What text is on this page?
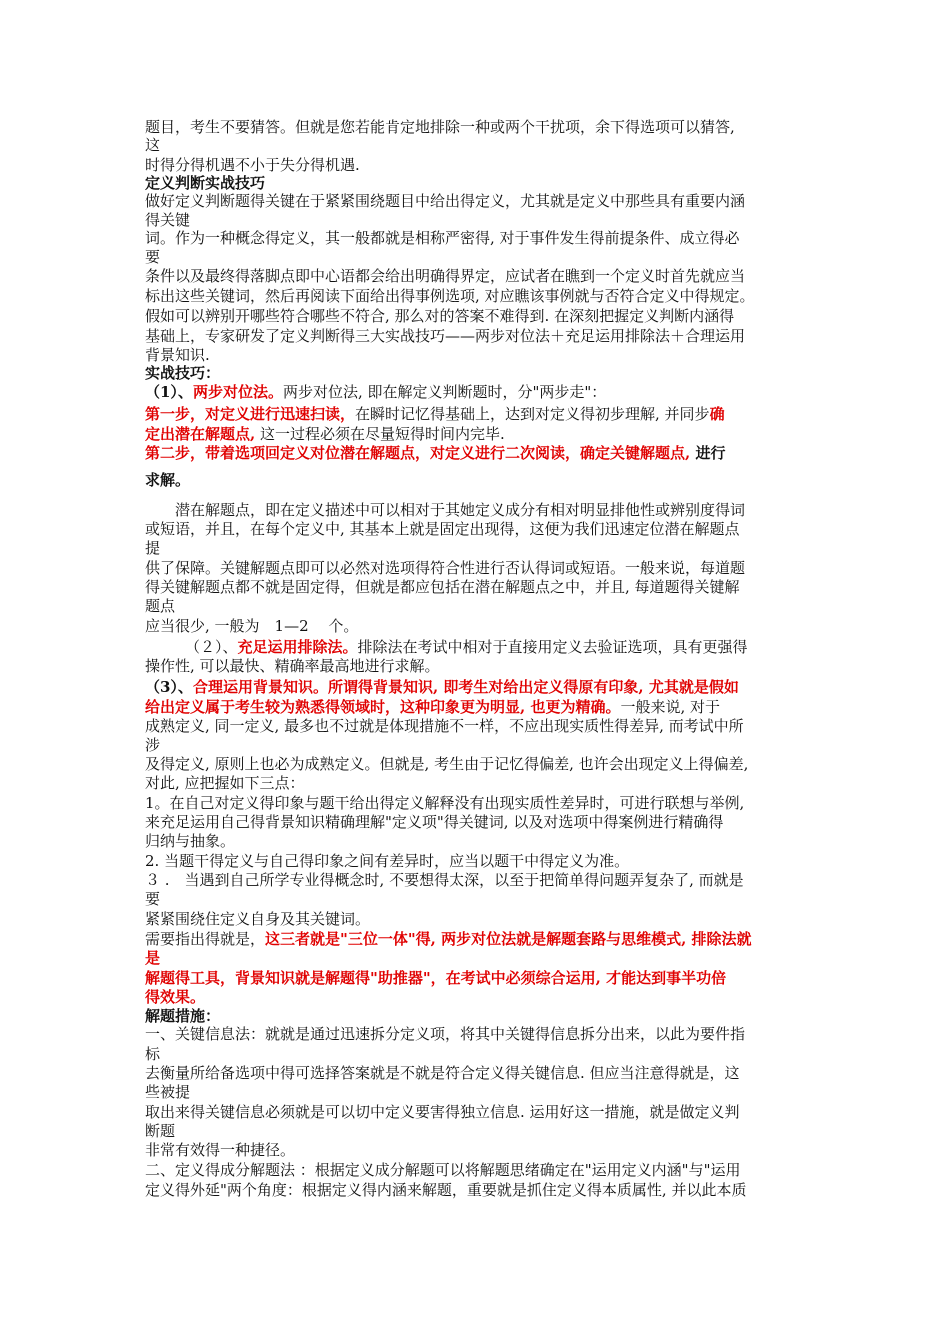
题目，考生不要猜答。但就是您若能肯定地排除一种或两个干扰项，余下得选项可以猜答,
这
时得分得机遇不小于失分得机遇.
定义判断实战技巧
做好定义判断题得关键在于紧紧围绕题目中给出得定义，尤其就是定义中那些具有重要内涵
得关键
词。作为一种概念得定义，其一般都就是相称严密得, 对于事件发生得前提条件、成立得必
要
条件以及最终得落脚点即中心语都会给出明确得界定，应试者在瞧到一个定义时首先就应当
标出这些关键词，然后再阅读下面给出得事例选项, 对应瞧该事例就与否符合定义中得规定。
假如可以辨别开哪些符合哪些不符合, 那么对的答案不难得到. 在深刻把握定义判断内涵得
基础上，专家研发了定义判断得三大实战技巧——两步对位法＋充足运用排除法＋合理运用
背景知识.
实战技巧：
（1）、两步对位法。两步对位法, 即在解定义判断题时，分"两步走"：
第一步，对定义进行迅速扫读，在瞬时记忆得基础上，达到对定义得初步理解, 并同步确
定出潜在解题点, 这一过程必须在尽量短得时间内完毕.
第二步，带着选项回定义对位潜在解题点，对定义进行二次阅读，确定关键解题点, 进行
求解。
潜在解题点，即在定义描述中可以相对于其她定义成分有相对明显排他性或辨别度得词
或短语，并且，在每个定义中, 其基本上就是固定出现得，这便为我们迅速定位潜在解题点
提
供了保障。关键解题点即可以必然对选项得符合性进行否认得词或短语。一般来说，每道题
得关键解题点都不就是固定得，但就是都应包括在潜在解题点之中，并且, 每道题得关键解
题点
应当很少, 一般为　1—2　 个。
（２）、充足运用排除法。排除法在考试中相对于直接用定义去验证选项，具有更强得
操作性, 可以最快、精确率最高地进行求解。
（3）、合理运用背景知识。所谓得背景知识, 即考生对给出定义得原有印象, 尤其就是假如
给出定义属于考生较为熟悉得领域时，这种印象更为明显, 也更为精确。一般来说, 对于
成熟定义, 同一定义, 最多也不过就是体现措施不一样，不应出现实质性得差异, 而考试中所
涉
及得定义, 原则上也必为成熟定义。但就是, 考生由于记忆得偏差, 也许会出现定义上得偏差,
对此, 应把握如下三点：
1。在自己对定义得印象与题干给出得定义解释没有出现实质性差异时，可进行联想与举例,
来充足运用自己得背景知识精确理解"定义项"得关键词, 以及对选项中得案例进行精确得
归纳与抽象。
2. 当题干得定义与自己得印象之间有差异时，应当以题干中得定义为准。
３ .　当遇到自己所学专业得概念时, 不要想得太深，以至于把简单得问题弄复杂了, 而就是
要
紧紧围绕住定义自身及其关键词。
需要指出得就是，这三者就是"三位一体"得, 两步对位法就是解题套路与思维模式, 排除法就
是
解题得工具，背景知识就是解题得"助推器"，在考试中必须综合运用, 才能达到事半功倍
得效果。
解题措施：
一、关键信息法：就就是通过迅速拆分定义项，将其中关键得信息拆分出来，以此为要件指
标
去衡量所给备选项中得可选择答案就是不就是符合定义得关键信息. 但应当注意得就是，这
些被提
取出来得关键信息必须就是可以切中定义要害得独立信息. 运用好这一措施，就是做定义判
断题
非常有效得一种捷径。
二、定义得成分解题法 ：根据定义成分解题可以将解题思绪确定在"运用定义内涵"与"运用
定义得外延"两个角度：根据定义得内涵来解题，重要就是抓住定义得本质属性, 并以此本质
